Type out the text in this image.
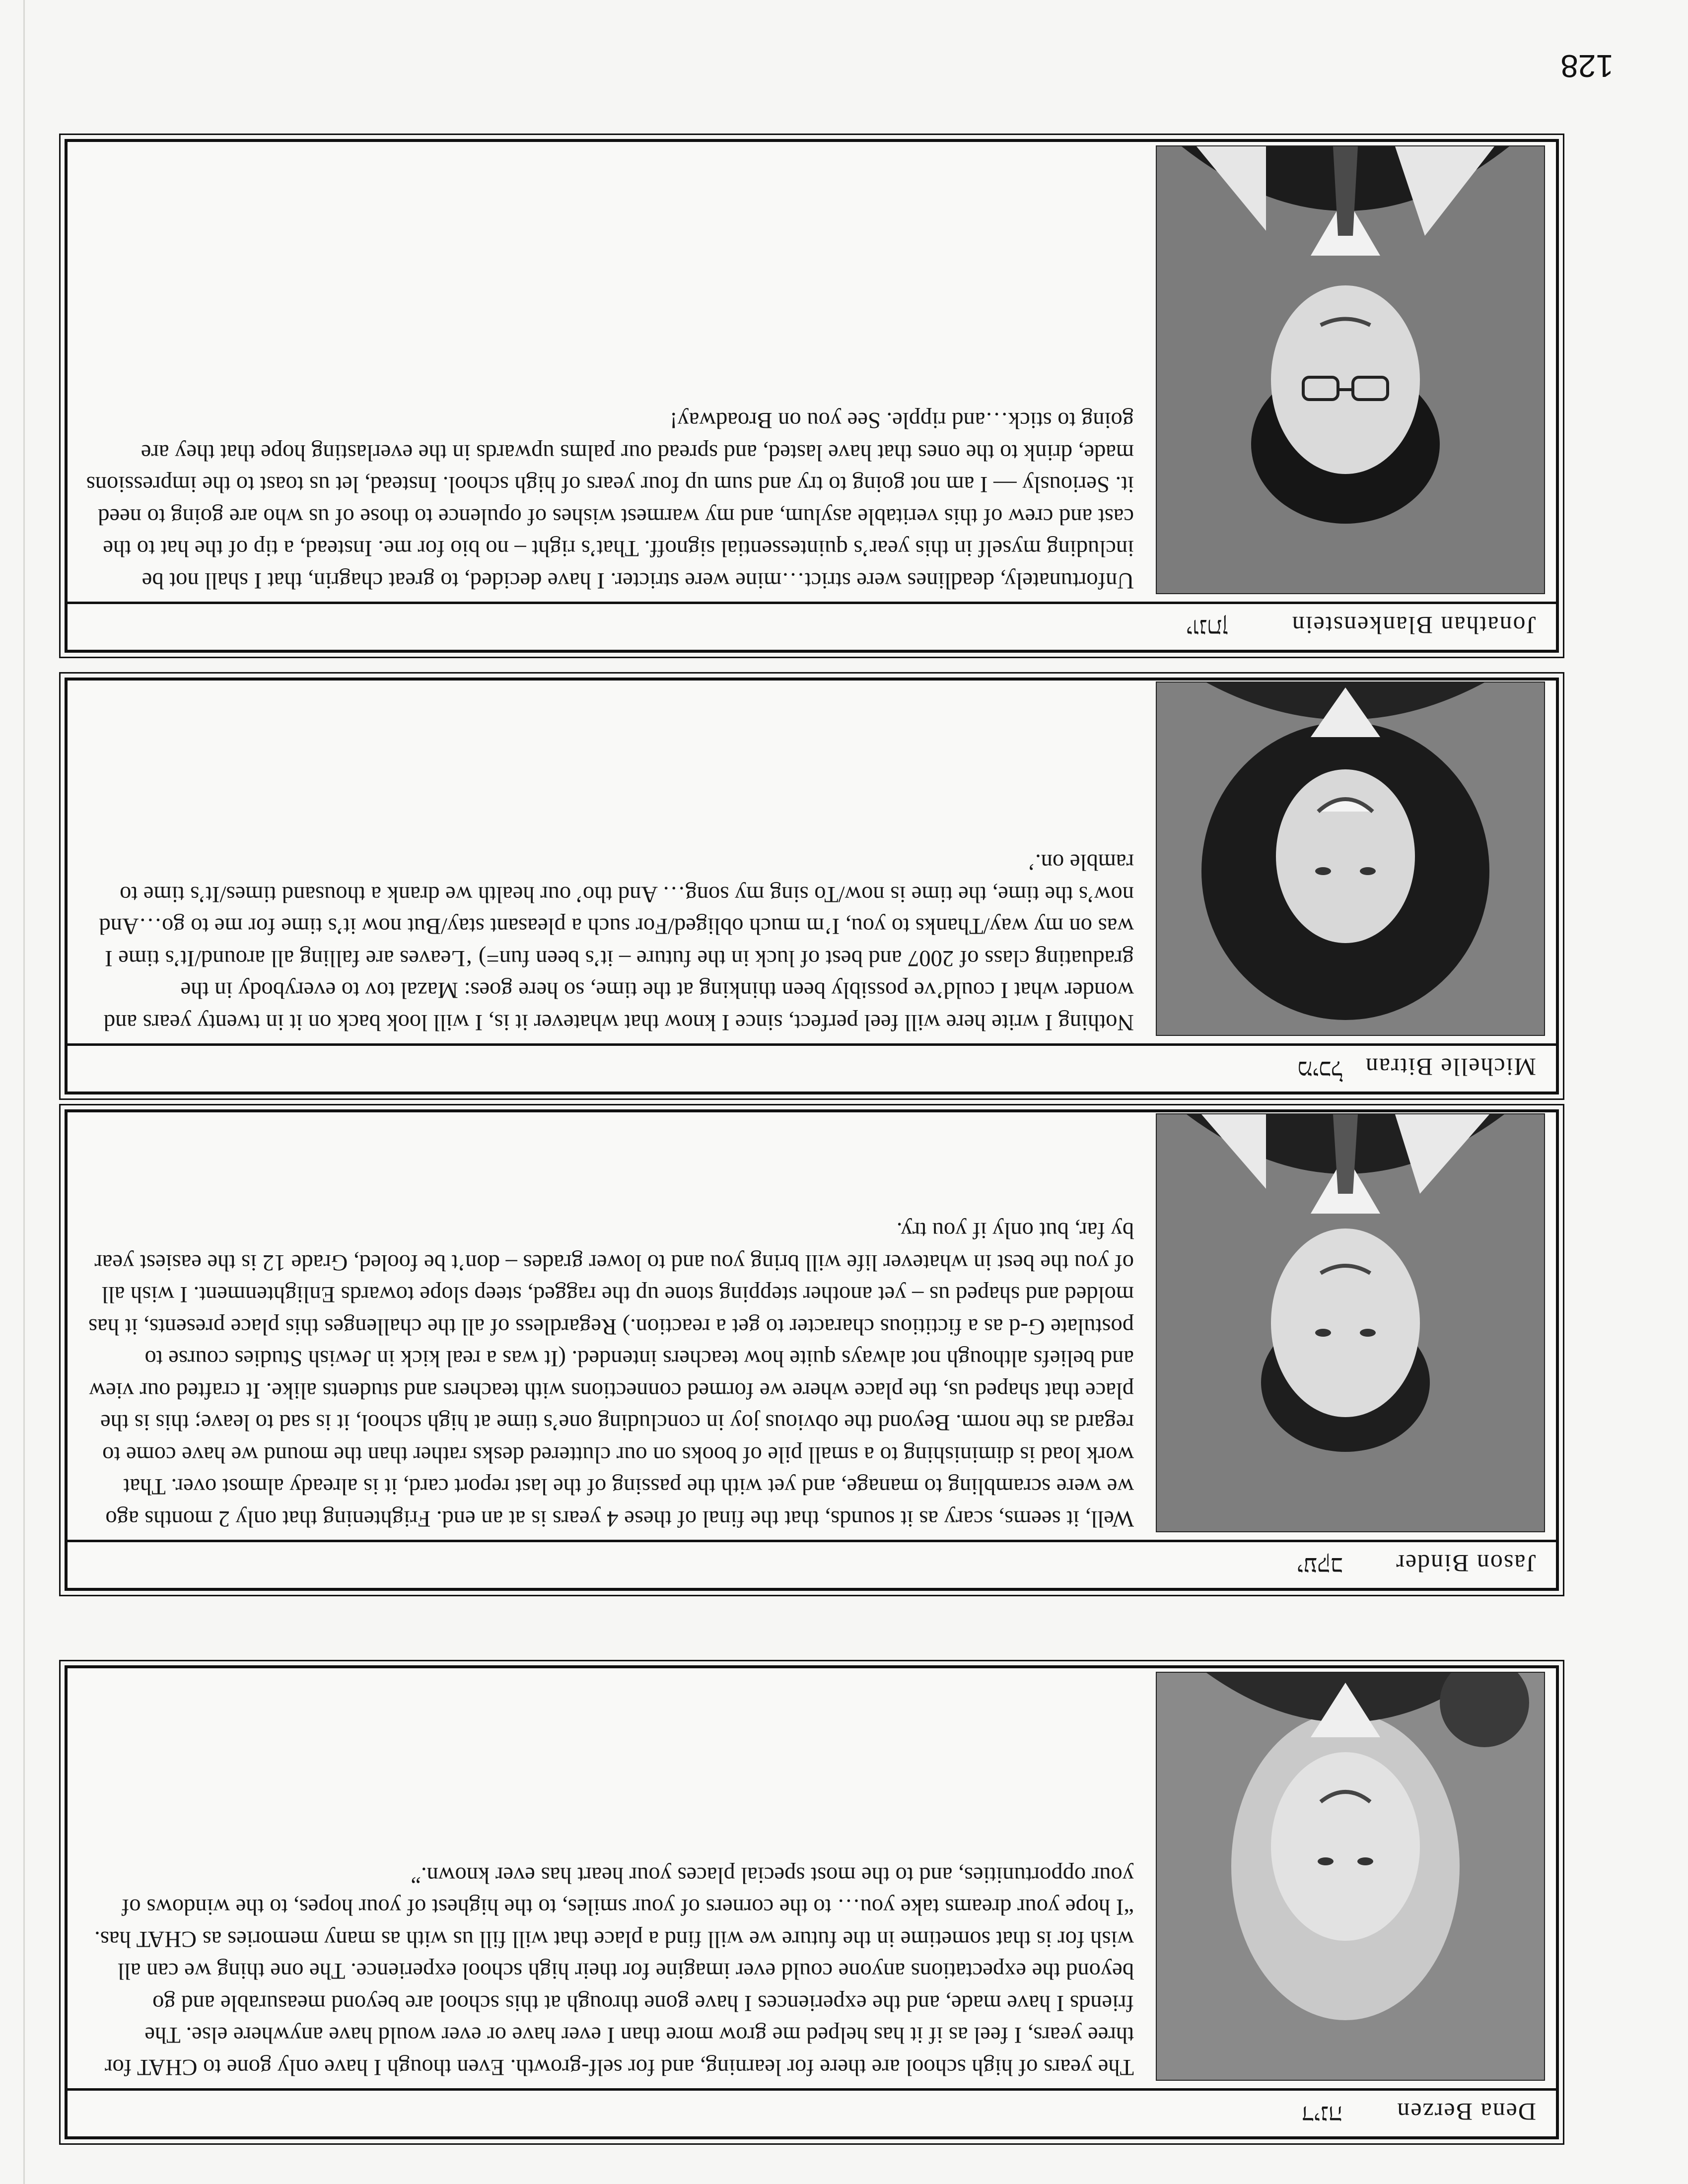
Dena Berzen
דינה

The years of high school are there for learning, and for self-growth. Even though I have only gone to CHAT for three years, I feel as if it has helped me grow more than I ever have or ever would have anywhere else. The friends I have made, and the experiences I have gone through at this school are beyond measurable and go beyond the expectations anyone could ever imagine for their high school experience. The one thing we can all wish for is that sometime in the future we will find a place that will fill us with as many memories as CHAT has. “I hope your dreams take you… to the corners of your smiles, to the highest of your hopes, to the windows of your opportunities, and to the most special places your heart has ever known.”

Jason Binder
יעקב

Well, it seems, scary as it sounds, that the final of these 4 years is at an end. Frightening that only 2 months ago we were scrambling to manage, and yet with the passing of the last report card, it is already almost over. That work load is diminishing to a small pile of books on our cluttered desks rather than the mound we have come to regard as the norm. Beyond the obvious joy in concluding one’s time at high school, it is sad to leave; this is the place that shaped us, the place where we formed connections with teachers and students alike. It crafted our view and beliefs although not always quite how teachers intended. (It was a real kick in Jewish Studies course to postulate G-d as a fictitious character to get a reaction.) Regardless of all the challenges this place presents, it has molded and shaped us – yet another stepping stone up the ragged, steep slope towards Enlightenment. I wish all of you the best in whatever life will bring you and to lower grades – don’t be fooled, Grade 12 is the easiest year by far, but only if you try.

Michelle Bitran
מיכל

Nothing I write here will feel perfect, since I know that whatever it is, I will look back on it in twenty years and wonder what I could’ve possibly been thinking at the time, so here goes: Mazal tov to everybody in the graduating class of 2007 and best of luck in the future – it’s been fun=) ‘Leaves are falling all around/It’s time I was on my way/Thanks to you, I’m much obliged/For such a pleasant stay/But now it’s time for me to go…And now’s the time, the time is now/To sing my song… And tho’ our health we drank a thousand times/It’s time to ramble on.’

Jonathan Blankenstein
יונתן

Unfortunately, deadlines were strict…mine were stricter. I have decided, to great chagrin, that I shall not be including myself in this year’s quintessential signoff. That’s right – no bio for me. Instead, a tip of the hat to the cast and crew of this veritable asylum, and my warmest wishes of opulence to those of us who are going to need it. Seriously — I am not going to try and sum up four years of high school. Instead, let us toast to the impressions made, drink to the ones that have lasted, and spread our palms upwards in the everlasting hope that they are going to stick…and ripple. See you on Broadway!

128
